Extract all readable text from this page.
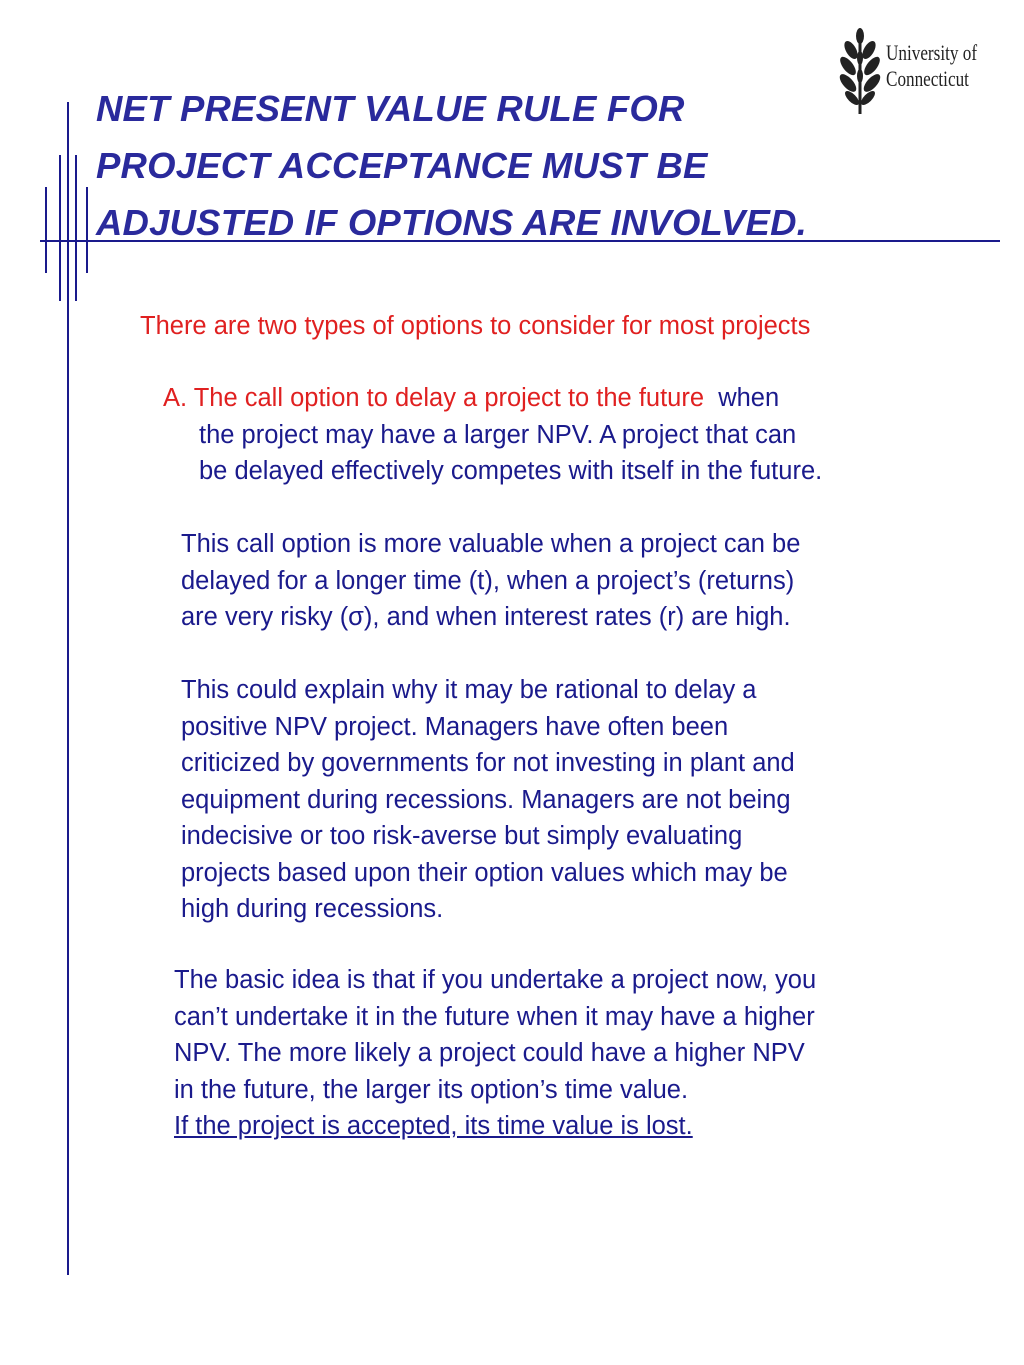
University of
Connecticut
NET PRESENT VALUE RULE FOR
PROJECT ACCEPTANCE MUST BE
ADJUSTED IF OPTIONS ARE INVOLVED.

There are two types of options to consider for most projects

A. The call option to delay a project to the future when
the project may have a larger NPV. A project that can
be delayed effectively competes with itself in the future.
This call option is more valuable when a project can be
delayed for a longer time (t), when a project’s (returns)
are very risky (σ), and when interest rates (r) are high.
This could explain why it may be rational to delay a
positive NPV project. Managers have often been
criticized by governments for not investing in plant and
equipment during recessions. Managers are not being
indecisive or too risk-averse but simply evaluating
projects based upon their option values which may be
high during recessions.
The basic idea is that if you undertake a project now, you
can’t undertake it in the future when it may have a higher
NPV. The more likely a project could have a higher NPV
in the future, the larger its option’s time value.
If the project is accepted, its time value is lost.
